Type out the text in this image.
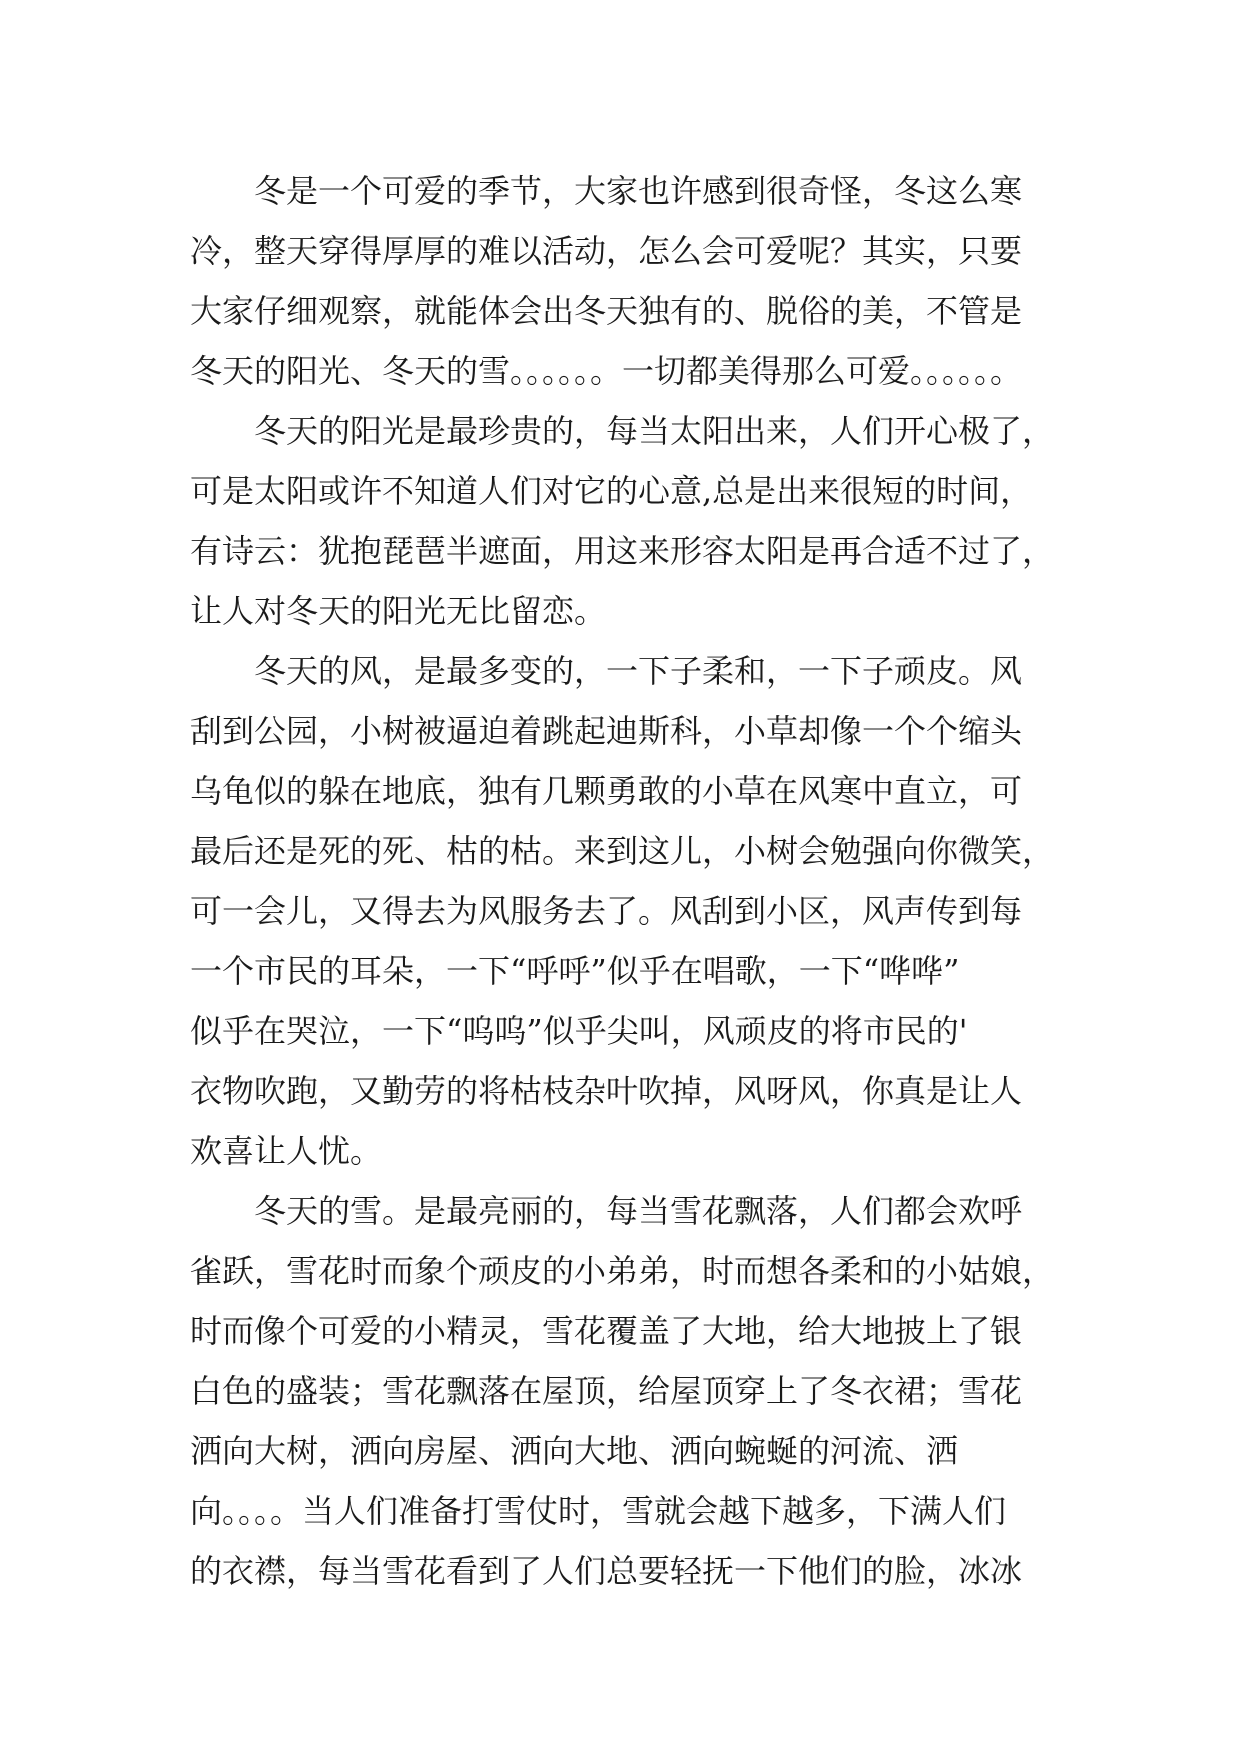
冬是一个可爱的季节，大家也许感到很奇怪，冬这么寒
冷，整天穿得厚厚的难以活动，怎么会可爱呢？其实，只要
大家仔细观察，就能体会出冬天独有的、脱俗的美，不管是
冬天的阳光、冬天的雪。。。。。。一切都美得那么可爱。。。。。。
冬天的阳光是最珍贵的，每当太阳出来，人们开心极了，
可是太阳或许不知道人们对它的心意,总是出来很短的时间，
有诗云：犹抱琵琶半遮面，用这来形容太阳是再合适不过了，
让人对冬天的阳光无比留恋。
冬天的风，是最多变的，一下子柔和，一下子顽皮。风
刮到公园，小树被逼迫着跳起迪斯科，小草却像一个个缩头
乌龟似的躲在地底，独有几颗勇敢的小草在风寒中直立，可
最后还是死的死、枯的枯。来到这儿，小树会勉强向你微笑，
可一会儿，又得去为风服务去了。风刮到小区，风声传到每
一个市民的耳朵，一下“呼呼”似乎在唱歌，一下“哗哗”
似乎在哭泣，一下“呜呜”似乎尖叫，风顽皮的将市民的'
衣物吹跑，又勤劳的将枯枝杂叶吹掉，风呀风，你真是让人
欢喜让人忧。
冬天的雪。是最亮丽的，每当雪花飘落，人们都会欢呼
雀跃，雪花时而象个顽皮的小弟弟，时而想各柔和的小姑娘，
时而像个可爱的小精灵，雪花覆盖了大地，给大地披上了银
白色的盛装；雪花飘落在屋顶，给屋顶穿上了冬衣裙；雪花
洒向大树，洒向房屋、洒向大地、洒向蜿蜒的河流、洒
向。。。。当人们准备打雪仗时，雪就会越下越多，下满人们
的衣襟，每当雪花看到了人们总要轻抚一下他们的脸，冰冰
